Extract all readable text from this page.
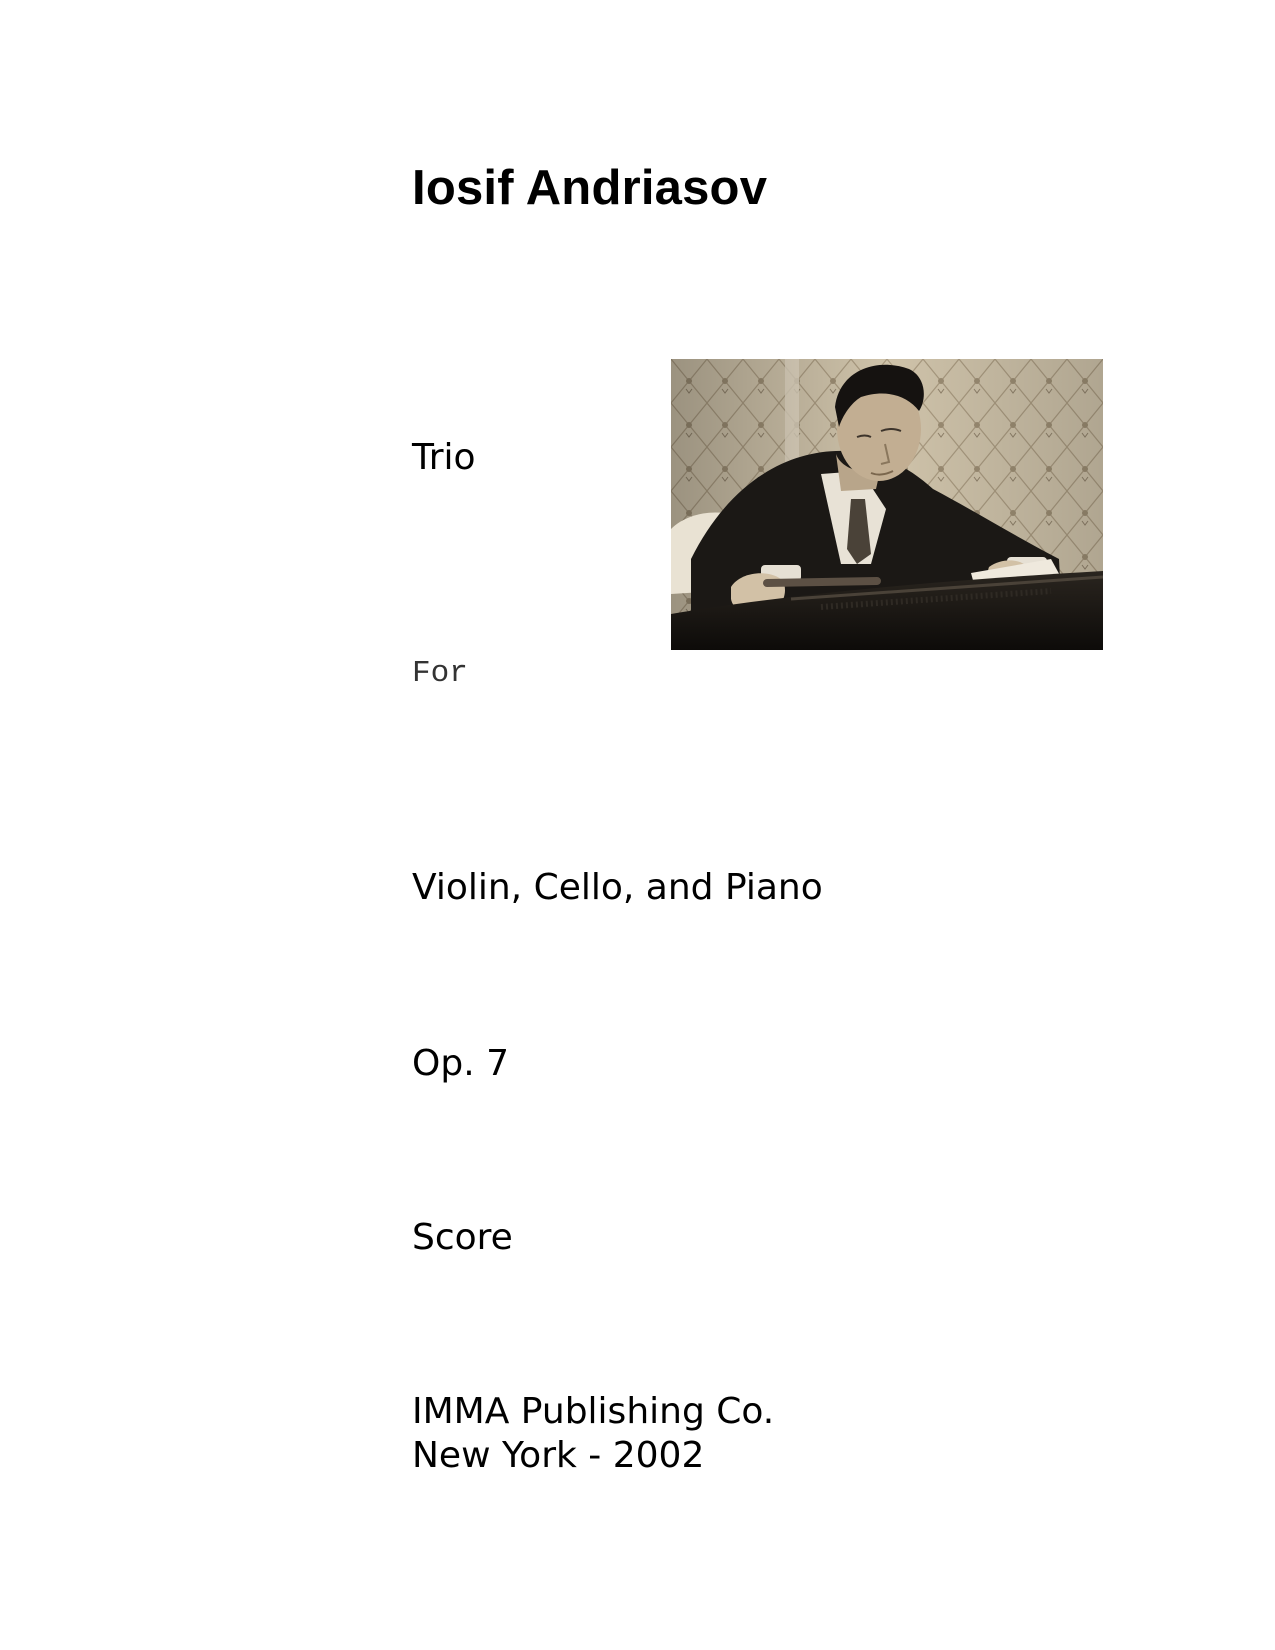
Iosif Andriasov
Trio
For
Violin, Cello, and Piano
Op. 7
Score
IMMA Publishing Co.
New York - 2002
